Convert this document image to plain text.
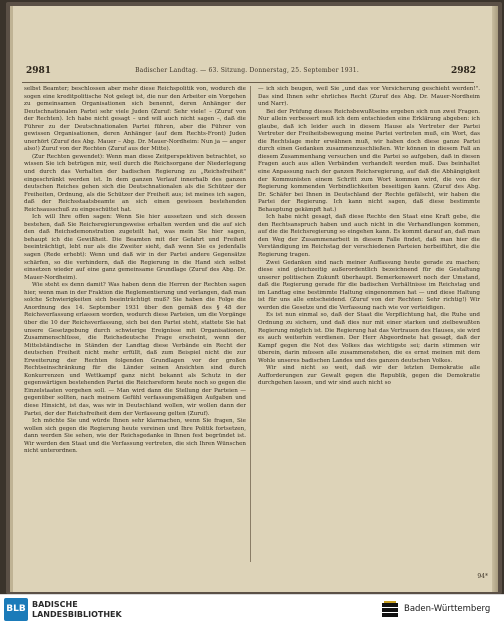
2981	Badischer Landtag. — 63. Sitzung. Donnerstag, 25. September 1931.	2982

selbst Beamter; beschlossen aber mehr diese Reichspolitik von, wodurch die sogen eine kreditpolitische Not gelegt ist, die nur den Arbeiter ein Vorgehen zu gemeinsamen Organisationen sich benennt, deren Anhänger der Deutschnationalen Partei sehr viele Juden (Zuruf: Sehr viele! – (Zuruf von der Rechten). Ich habe nicht gesagt – und will auch nicht sagen –, daß die Führer zu der Deutschnationalen Partei führen, aber die Führer von gewissen Organisationen, deren Anhänger (auf dem Rechts-Front) Juden unerhört (Zuruf des Abg. Mauer – Abg. Dr. Mauer-Nordheim: Nun ja — anger also!) Zuruf von der Rechten (Zuruf aus der Mitte).

(Zur Rechten gewendet): Wenn man diese Zeitperspektiven betrachtet, so wissen Sie ich betrügen mir, weil durch die Reichsorgane der Niederlegung und durch das Verhalten der badischen Regierung zu „Reichsfreiheit" eingeschränkt werden ist. In dem ganzen Verlauf innerhalb des ganzen deutschen Reiches gehen sich die Deutschnationalen als die Schützer der Freiheiten, Ordnung, als die Schützer der Freiheit aus; ist meines ich sagen, daß der Reichsstaatsbeamte an sich einen gewissen bestehenden Reichsausschuß zu eingeschüttet hat.

Ich will Ihre offen sagen: Wenn Sie hier aussetzen und sich dessen bestehen, daß Sie Reichsregierungsweise erhalten werden und die auf sich den daß Reichsdemonstration zugeteilt hat, was mein Sie hier sagen, behaupt ich die Gewißheit. Die Beamten mit der Gefahrt und Freiheit beeinträchtigt, lebt nur als die Zweiter sieht, daß wenn Sie es jedenfalls sagen (Rede erhebt): Wenn und daß wir in der Partei andere Gegensätze schärfen, so die verhindern, daß die Regierung in die Hand sich selbst einsetzen wieder auf eine ganz gemeinsame Grundlage (Zuruf des Abg. Dr. Mauer-Nordheim).

Wie steht es denn damit? Was haben denn die Herren der Rechten sagen hier, wenn man in der Fraktion die Reglementierung und verlangen, daß man solche Schwierigkeiten sich beeinträchtigt muß? Sie haben die Folge die Anordnung des 14. September 1931 über den gemäß des § 48 der Reichsverfassung erlassen worden, wodurch diese Parteien, um die Vorgänge über die 10 der Reichsverfassung, sich bei den Partei steht, stattete Sie hat unsere Gesetzgebung durch schwierige Ereignisse mit Organisationen, Zusammenschlüsse, die Reichsdeutsche Frage erscheint, wenn der Mittelständische in Ständen der Landtag diese Verbände ein Recht der deutschen Freiheit nicht mehr erfüllt, daß zum Beispiel nicht die zur Erweiterung der Rechten folgenden Grundlagen vor der großen Rechtseinschränkung für die Länder seinen Ansichten sind durch Konkurrenzen und Wettkampf ganz nicht bekannt als Schutz in der gegenwärtigen bestehenden Partei die Reichsreform heute noch so gegen die Einzelstaaten vorgehen soll. — Man wird dann die Stellung der Parteien — gegenüber sollten, nach meinem Gefühl verfassungsmäßigen Aufgaben und diese Hinsicht, ist das, was wir in Deutschland wollen, wir wollen dann der Partei, der der Reichsfreiheit dem der Verfassung gelten (Zuruf).

Ich möchte Sie und würde Ihnen sehr klarmachen, wenn Sie fragen, Sie wollen sich gegen die Regierung heute vereinen und Ihre Politik fortsetzen, dann werden Sie sehen, wie der Reichsgedanke in Ihnen fest begründet ist. Wir werden den Staat und die Verfassung vertreten, die sich Ihren Wünschen nicht unterordnen.

— ich sich beugen, weil Sie „und das vor Versicherung geschieht werden!". Das sind Ihnen sehr ehrliches Recht (Zuruf des Abg. Dr. Mauer-Nordheim und Narr).

Bei der Prüfung dieses Reichsbewußtseins ergeben sich nun zwei Fragen. Nur allein verbessert muß ich dem entschieden eine Erklärung abgeben: ich glaube, daß ich leider auch in diesem Hause als Vertreter der Partei Vertreter der Freiheitsbewegung meine Partei vertreten muß, ein Wort, das die Rechtslage mehr erwähnen muß, wir haben doch diese ganze Partei durch einen Gedanken zusammenzuschließen. Wir können in diesem Fall an diesem Zusammenhang versuchen und die Partei so aufgeben, daß in diesen Fragen auch aus allen Verbänden verhandelt werden muß. Das beinhaltet eine Anpassung nach der ganzen Reichsregierung, auf daß die Abhängigkeit der Kommunisten einem Schritt zum Wort kommen wird, die von der Regierung kommenden Verbindlichkeiten beseitigen kann. (Zuruf des Abg. Dr. Schäfer bei Ihnen in Deutschland der Rechte gefälscht, wir haben die Partei der Regierung. Ich kann nicht sagen, daß diese bestimmte Behauptung gekämpft hat.)

Ich habe nicht gesagt, daß diese Rechte den Staat eine Kraft gebe, die den Rechtsanspruch haben und auch nicht in die Verhandlungen kommen, auf die die Reichsregierung so eingehen kann. Es kommt darauf an, daß man den Weg der Zusammenarbeit in diesem Falle findet, daß man hier die Verständigung im Reichstag der verschiedenen Parteien herbeiführt, die die Regierung tragen.

Zwei Gedanken sind nach meiner Auffassung heute gerade zu machen; diese sind gleichzeitig außerordentlich bezeichnend für die Gestaltung unserer politischen Zukunft überhaupt. Bemerkenswert noch der Umstand, daß die Regierung gerade für die badischen Verhältnisse im Reichstag und im Landtag eine bestimmte Haltung eingenommen hat — und diese Haltung ist für uns alle entscheidend. (Zuruf von der Rechten: Sehr richtig!) Wir werden die Gesetze und die Verfassung nach wie vor verteidigen.

Es ist nun einmal so, daß der Staat die Verpflichtung hat, die Ruhe und Ordnung zu sichern, und daß dies nur mit einer starken und zielbewußten Regierung möglich ist. Die Regierung hat das Vertrauen des Hauses, sie wird es auch weiterhin verdienen. Der Herr Abgeordnete hat gesagt, daß der Kampf gegen die Not des Volkes das wichtigste sei; darin stimmen wir überein, darin müssen alle zusammenstehen, die es ernst meinen mit dem Wohle unseres badischen Landes und des ganzen deutschen Volkes.

Wir sind nicht so weit, daß wir der letzten Demokratie alle Aufforderungen zur Gewalt gegen die Republik, gegen die Demokratie durchgehen lassen, und wir sind auch nicht so

94*
BLB BADISCHE
LANDESBIBLIOTHEK
Baden-Württemberg
